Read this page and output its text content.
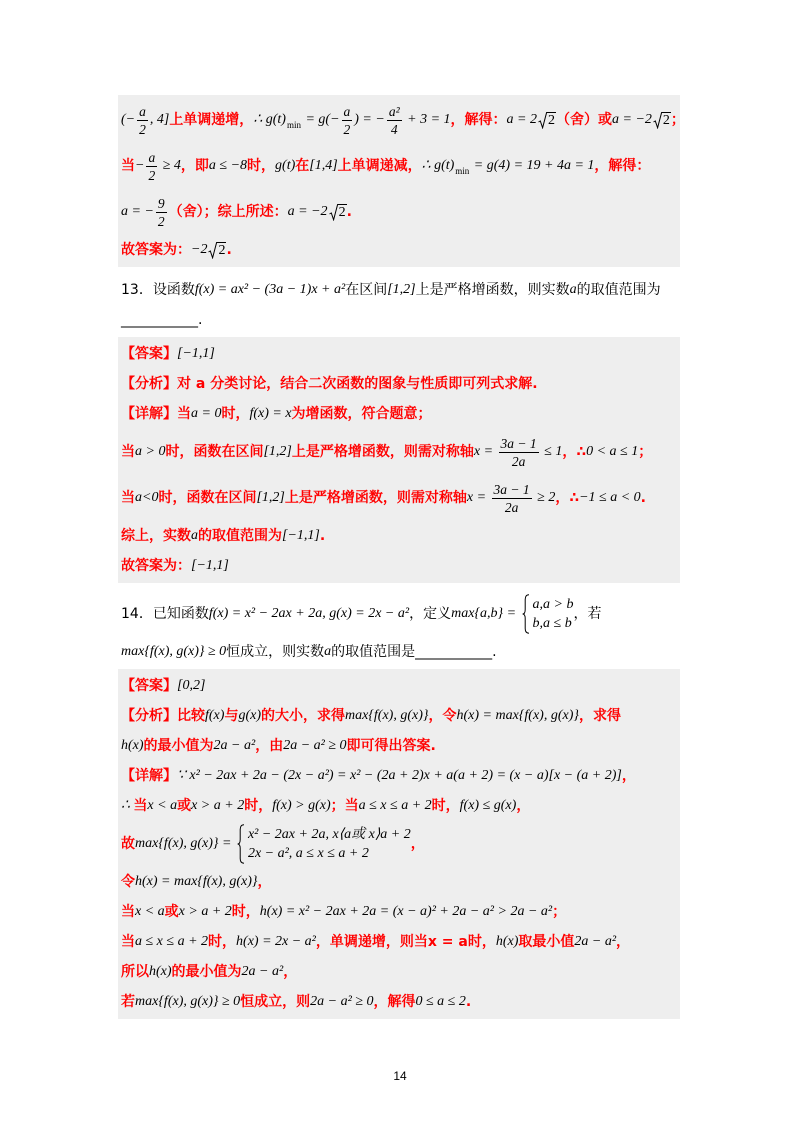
(− $\frac{a}{2}$ , 4] 上单调递增， ∴ g(t) $\min = g(- \frac{a}{2}$ ) = − $\frac{\text{a²}}{4} + 3 = 1$ ，解得： a = 2 2 （舍）或 a = −2 2 ；
当 − $\frac{a}{2} \ge 4$ ，即 a ≤ −8 时， g(t) 在 [1,4] 上单调递减， ∴ g(t) min = g(4) = 19 + 4a = 1 ，解得：
a = − $\frac{9}{2}$ （舍）；综上所述： a = −2 2 .
故答案为： −2 2 .
13．设函数 f(x) = ax² − (3a − 1)x + a² 在区间 [1,2] 上是严格增函数，则实数 a 的取值范围为
___________.
【答案】 [−1,1]
【分析】对 a 分类讨论，结合二次函数的图象与性质即可列式求解.
【详解】当 a = 0 时， f(x) = x 为增函数，符合题意；
当 a > 0 时，函数在区间 [1,2] 上是严格增函数，则需对称轴 $x = \frac{3a - 1}{2a} \le 1$ ，∴ 0 < a ≤ 1 ；
当 a<0 时，函数在区间 [1,2] 上是严格增函数，则需对称轴 $x = \frac{3a - 1}{2a} \ge 2$ ，∴ −1 ≤ a < 0 .
综上，实数 a 的取值范围为 [−1,1] .
故答案为： [−1,1]
14．已知函数 f(x) = x² − 2ax + 2a, g(x) = 2x − a² ，定义 max{a,b} =
a,a > b
b,a ≤ b
，若
max{f(x), g(x)} ≥ 0 恒成立，则实数 a 的取值范围是___________.
【答案】 [0,2]
【分析】比较 f(x) 与 g(x) 的大小，求得 max{f(x), g(x)} ，令 h(x) = max{f(x), g(x)} ，求得
h(x) 的最小值为 2a − a² ，由 2a − a² ≥ 0 即可得出答案.
【详解】 ∵ x² − 2ax + 2a − (2x − a²) = x² − (2a + 2)x + a(a + 2) = (x − a)[x − (a + 2)] ，
∴ 当 x < a 或 x > a + 2 时， f(x) > g(x) ；当 a ≤ x ≤ a + 2 时， f(x) ≤ g(x) ，
故 max{f(x), g(x)} =
x² − 2ax + 2a, x⟨a或 x⟩a + 2
2x − a², a ≤ x ≤ a + 2
，
令 h(x) = max{f(x), g(x)} ，
当 x < a 或 x > a + 2 时， h(x) = x² − 2ax + 2a = (x − a)² + 2a − a² > 2a − a² ；
当 a ≤ x ≤ a + 2 时， h(x) = 2x − a² ，单调递增，则当x = a时， h(x) 取最小值 2a − a² ，
所以 h(x) 的最小值为 2a − a² ，
若 max{f(x), g(x)} ≥ 0 恒成立，则 2a − a² ≥ 0 ，解得 0 ≤ a ≤ 2 .
14
